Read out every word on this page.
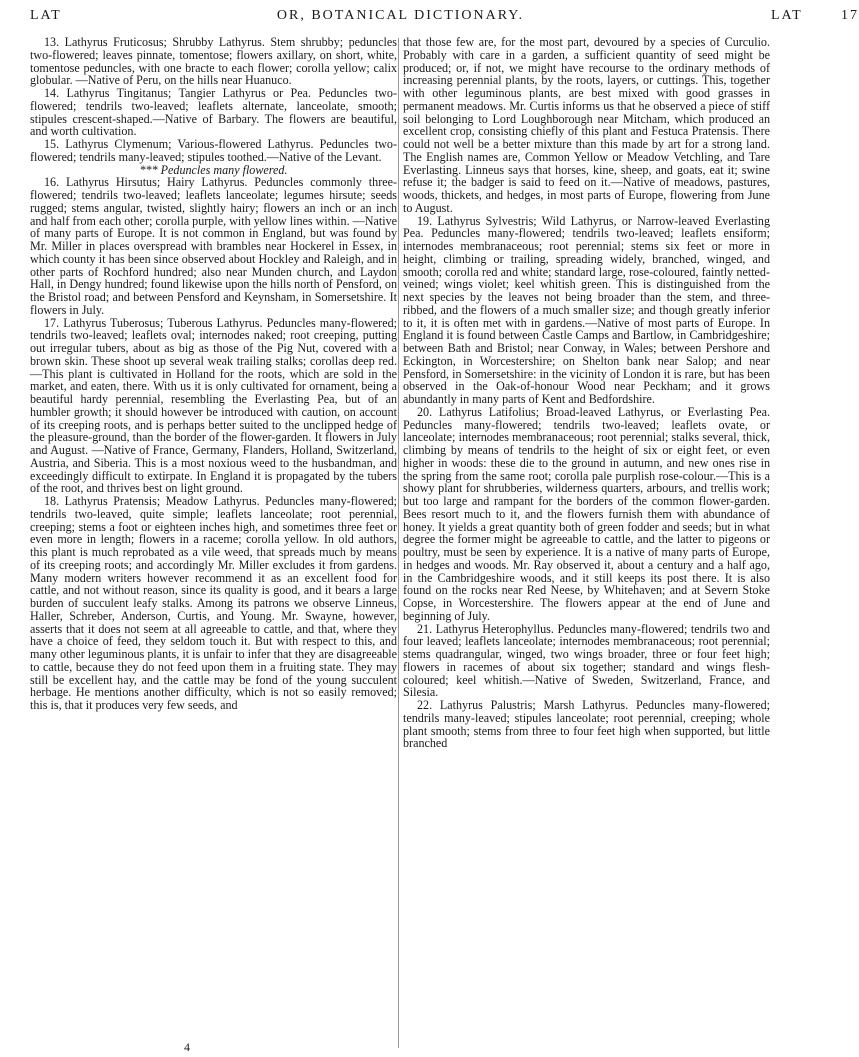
LAT	OR, BOTANICAL DICTIONARY.	LAT	17

13. Lathyrus Fruticosus; Shrubby Lathyrus. Stem shrubby; peduncles two-flowered; leaves pinnate, tomentose; flowers axillary, on short, white, tomentose peduncles, with one bracte to each flower; corolla yellow; calix globular. —Native of Peru, on the hills near Huanuco.

14. Lathyrus Tingitanus; Tangier Lathyrus or Pea. Peduncles two-flowered; tendrils two-leaved; leaflets alternate, lanceolate, smooth; stipules crescent-shaped.—Native of Barbary. The flowers are beautiful, and worth cultivation.

15. Lathyrus Clymenum; Various-flowered Lathyrus. Peduncles two-flowered; tendrils many-leaved; stipules toothed.—Native of the Levant.

*** Peduncles many flowered.

16. Lathyrus Hirsutus; Hairy Lathyrus. Peduncles commonly three-flowered; tendrils two-leaved; leaflets lanceolate; legumes hirsute; seeds rugged; stems angular, twisted, slightly hairy; flowers an inch or an inch and half from each other; corolla purple, with yellow lines within. —Native of many parts of Europe. It is not common in England, but was found by Mr. Miller in places overspread with brambles near Hockerel in Essex, in which county it has been since observed about Hockley and Raleigh, and in other parts of Rochford hundred; also near Munden church, and Laydon Hall, in Dengy hundred; found likewise upon the hills north of Pensford, on the Bristol road; and between Pensford and Keynsham, in Somersetshire. It flowers in July.

17. Lathyrus Tuberosus; Tuberous Lathyrus. Peduncles many-flowered; tendrils two-leaved; leaflets oval; internodes naked; root creeping, putting out irregular tubers, about as big as those of the Pig Nut, covered with a brown skin. These shoot up several weak trailing stalks; corollas deep red.—This plant is cultivated in Holland for the roots, which are sold in the market, and eaten, there. With us it is only cultivated for ornament, being a beautiful hardy perennial, resembling the Everlasting Pea, but of an humbler growth; it should however be introduced with caution, on account of its creeping roots, and is perhaps better suited to the unclipped hedge of the pleasure-ground, than the border of the flower-garden. It flowers in July and August. —Native of France, Germany, Flanders, Holland, Switzerland, Austria, and Siberia. This is a most noxious weed to the husbandman, and exceedingly difficult to extirpate. In England it is propagated by the tubers of the root, and thrives best on light ground.

18. Lathyrus Pratensis; Meadow Lathyrus. Peduncles many-flowered; tendrils two-leaved, quite simple; leaflets lanceolate; root perennial, creeping; stems a foot or eighteen inches high, and sometimes three feet or even more in length; flowers in a raceme; corolla yellow. In old authors, this plant is much reprobated as a vile weed, that spreads much by means of its creeping roots; and accordingly Mr. Miller excludes it from gardens. Many modern writers however recommend it as an excellent food for cattle, and not without reason, since its quality is good, and it bears a large burden of succulent leafy stalks. Among its patrons we observe Linneus, Haller, Schreber, Anderson, Curtis, and Young. Mr. Swayne, however, asserts that it does not seem at all agreeable to cattle, and that, where they have a choice of feed, they seldom touch it. But with respect to this, and many other leguminous plants, it is unfair to infer that they are disagreeable to cattle, because they do not feed upon them in a fruiting state. They may still be excellent hay, and the cattle may be fond of the young succulent herbage. He mentions another difficulty, which is not so easily removed; this is, that it produces very few seeds, and

that those few are, for the most part, devoured by a species of Curculio. Probably with care in a garden, a sufficient quantity of seed might be produced; or, if not, we might have recourse to the ordinary methods of increasing perennial plants, by the roots, layers, or cuttings. This, together with other leguminous plants, are best mixed with good grasses in permanent meadows. Mr. Curtis informs us that he observed a piece of stiff soil belonging to Lord Loughborough near Mitcham, which produced an excellent crop, consisting chiefly of this plant and Festuca Pratensis. There could not well be a better mixture than this made by art for a strong land. The English names are, Common Yellow or Meadow Vetchling, and Tare Everlasting. Linneus says that horses, kine, sheep, and goats, eat it; swine refuse it; the badger is said to feed on it.—Native of meadows, pastures, woods, thickets, and hedges, in most parts of Europe, flowering from June to August.

19. Lathyrus Sylvestris; Wild Lathyrus, or Narrow-leaved Everlasting Pea. Peduncles many-flowered; tendrils two-leaved; leaflets ensiform; internodes membranaceous; root perennial; stems six feet or more in height, climbing or trailing, spreading widely, branched, winged, and smooth; corolla red and white; standard large, rose-coloured, faintly netted-veined; wings violet; keel whitish green. This is distinguished from the next species by the leaves not being broader than the stem, and three-ribbed, and the flowers of a much smaller size; and though greatly inferior to it, it is often met with in gardens.—Native of most parts of Europe. In England it is found between Castle Camps and Bartlow, in Cambridgeshire; between Bath and Bristol; near Conway, in Wales; between Pershore and Eckington, in Worcestershire; on Shelton bank near Salop; and near Pensford, in Somersetshire: in the vicinity of London it is rare, but has been observed in the Oak-of-honour Wood near Peckham; and it grows abundantly in many parts of Kent and Bedfordshire.

20. Lathyrus Latifolius; Broad-leaved Lathyrus, or Everlasting Pea. Peduncles many-flowered; tendrils two-leaved; leaflets ovate, or lanceolate; internodes membranaceous; root perennial; stalks several, thick, climbing by means of tendrils to the height of six or eight feet, or even higher in woods: these die to the ground in autumn, and new ones rise in the spring from the same root; corolla pale purplish rose-colour.—This is a showy plant for shrubberies, wilderness quarters, arbours, and trellis work; but too large and rampant for the borders of the common flower-garden. Bees resort much to it, and the flowers furnish them with abundance of honey. It yields a great quantity both of green fodder and seeds; but in what degree the former might be agreeable to cattle, and the latter to pigeons or poultry, must be seen by experience. It is a native of many parts of Europe, in hedges and woods. Mr. Ray observed it, about a century and a half ago, in the Cambridgeshire woods, and it still keeps its post there. It is also found on the rocks near Red Neese, by Whitehaven; and at Severn Stoke Copse, in Worcestershire. The flowers appear at the end of June and beginning of July.

21. Lathyrus Heterophyllus. Peduncles many-flowered; tendrils two and four leaved; leaflets lanceolate; internodes membranaceous; root perennial; stems quadrangular, winged, two wings broader, three or four feet high; flowers in racemes of about six together; standard and wings flesh-coloured; keel whitish.—Native of Sweden, Switzerland, France, and Silesia.

22. Lathyrus Palustris; Marsh Lathyrus. Peduncles many-flowered; tendrils many-leaved; stipules lanceolate; root perennial, creeping; whole plant smooth; stems from three to four feet high when supported, but little branched

4
